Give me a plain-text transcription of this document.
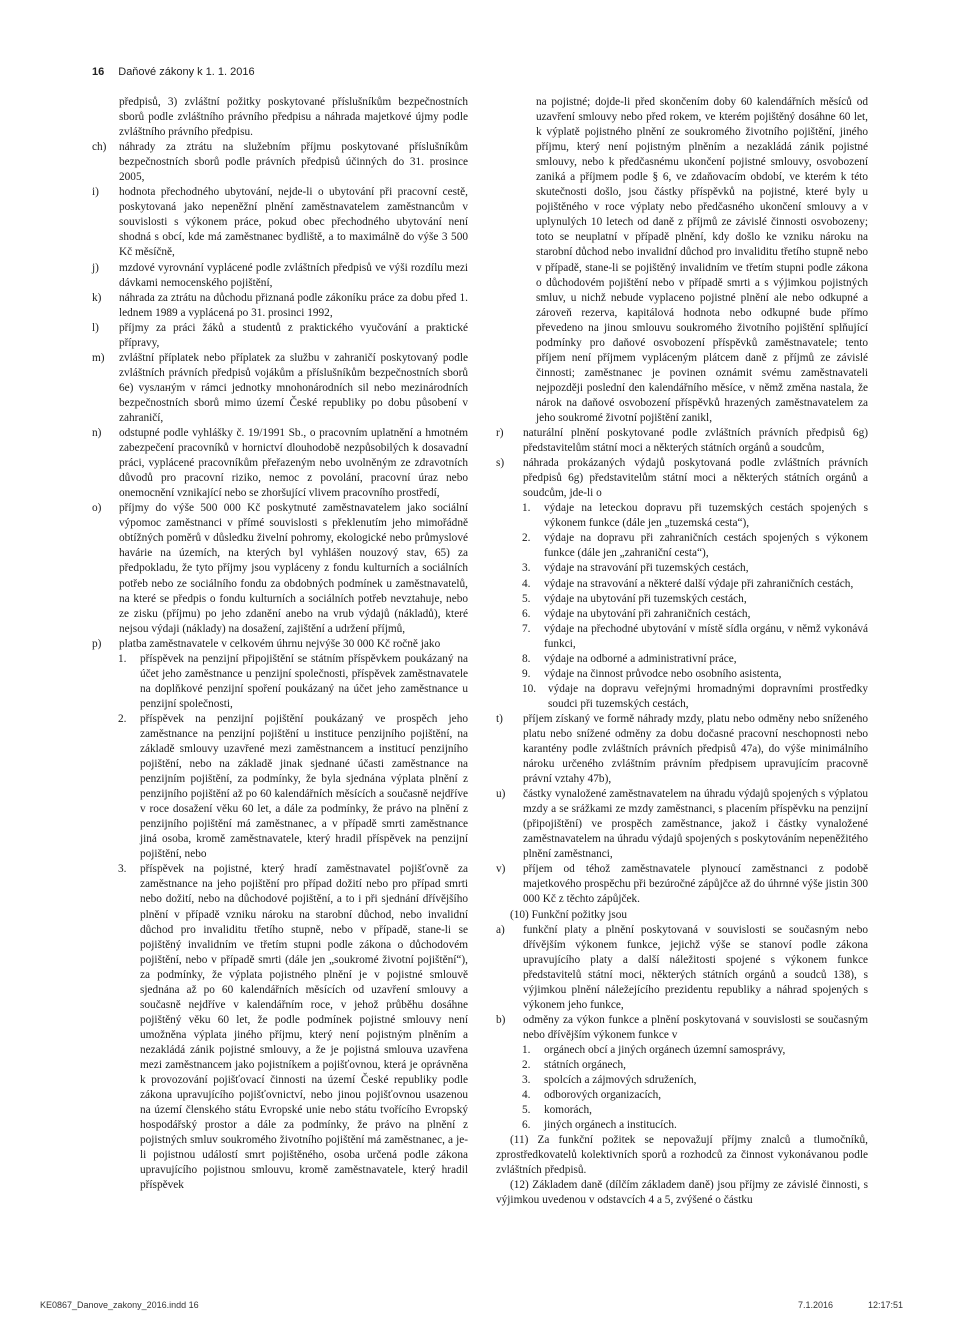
16 Daňové zákony k 1. 1. 2016

předpisů, 3) zvláštní požitky poskytované příslušníkům bezpečnostních sborů podle zvláštního právního předpisu a náhrada majetkové újmy podle zvláštního právního předpisu.

ch)	náhrady za ztrátu na služebním příjmu poskytované příslušníkům bezpečnostních sborů podle právních předpisů účinných do 31. prosince 2005,
i)	hodnota přechodného ubytování, nejde-li o ubytování při pracovní cestě, poskytovaná jako nepeněžní plnění zaměstnavatelem zaměstnancům v souvislosti s výkonem práce, pokud obec přechodného ubytování není shodná s obcí, kde má zaměstnanec bydliště, a to maximálně do výše 3 500 Kč měsíčně,
j)	mzdové vyrovnání vyplácené podle zvláštních předpisů ve výši rozdílu mezi dávkami nemocenského pojištění,
k)	náhrada za ztrátu na důchodu přiznaná podle zákoníku práce za dobu před 1. lednem 1989 a vyplácená po 31. prosinci 1992,
l)	příjmy za práci žáků a studentů z praktického vyučování a praktické přípravy,
m)	zvláštní příplatek nebo příplatek za službu v zahraničí poskytovaný podle zvláštních právních předpisů vojákům a příslušníkům bezpečnostních sborů 6e) vysланým v rámci jednotky mnohonárodních sil nebo mezinárodních bezpečnostních sborů mimo území České republiky po dobu působení v zahraničí,
n)	odstupné podle vyhlášky č. 19/1991 Sb., o pracovním uplatnění a hmotném zabezpečení pracovníků v hornictví dlouhodobě nezpůsobilých k dosavadní práci, vyplácené pracovníkům přeřazeným nebo uvolněným ze zdravotních důvodů pro pracovní riziko, nemoc z povolání, pracovní úraz nebo onemocnění vznikající nebo se zhoršující vlivem pracovního prostředí,
o)	příjmy do výše 500 000 Kč poskytnuté zaměstnavatelem jako sociální výpomoc zaměstnanci v přímé souvislosti s překlenutím jeho mimořádně obtížných poměrů v důsledku živelní pohromy, ekologické nebo průmyslové havárie na územích, na kterých byl vyhlášen nouzový stav, 65) za předpokladu, že tyto příjmy jsou vypláceny z fondu kulturních a sociálních potřeb nebo ze sociálního fondu za obdobných podmínek u zaměstnavatelů, na které se předpis o fondu kulturních a sociálních potřeb nevztahuje, nebo ze zisku (příjmu) po jeho zdanění anebo na vrub výdajů (nákladů), které nejsou výdaji (náklady) na dosažení, zajištění a udržení příjmů,
p)	platba zaměstnavatele v celkovém úhrnu nejvýše 30 000 Kč ročně jako
1.	příspěvek na penzijní připojištění se státním příspěvkem poukázaný na účet jeho zaměstnance u penzijní společnosti, příspěvek zaměstnavatele na doplňkové penzijní spoření poukázaný na účet jeho zaměstnance u penzijní společnosti,
2.	příspěvek na penzijní pojištění poukázaný ve prospěch jeho zaměstnance na penzijní pojištění u instituce penzijního pojištění, na základě smlouvy uzavřené mezi zaměstnancem a institucí penzijního pojištění, nebo na základě jinak sjednané účasti zaměstnance na penzijním pojištění, za podmínky, že byla sjednána výplata plnění z penzijního pojištění až po 60 kalendářních měsících a současně nejdříve v roce dosažení věku 60 let, a dále za podmínky, že právo na plnění z penzijního pojištění má zaměstnanec, a v případě smrti zaměstnance jiná osoba, kromě zaměstnavatele, který hradil příspěvek na penzijní pojištění, nebo
3.	příspěvek na pojistné, který hradí zaměstnavatel pojišťovně za zaměstnance na jeho pojištění pro případ dožití nebo pro případ smrti nebo dožití, nebo na důchodové pojištění, a to i při sjednání dřívějšího plnění v případě vzniku nároku na starobní důchod, nebo invalidní důchod pro invaliditu třetího stupně, nebo v případě, stane-li se pojištěný invalidním ve třetím stupni podle zákona o důchodovém pojištění, nebo v případě smrti (dále jen „soukromé životní pojištění“), za podmínky, že výplata pojistného plnění je v pojistné smlouvě sjednána až po 60 kalendářních měsících od uzavření smlouvy a současně nejdříve v kalendářním roce, v jehož průběhu dosáhne pojištěný věku 60 let, že podle podmínek pojistné smlouvy není umožněna výplata jiného příjmu, který není pojistným plněním a nezakládá zánik pojistné smlouvy, a že je pojistná smlouva uzavřena mezi zaměstnancem jako pojistníkem a pojišťovnou, která je oprávněna k provozování pojišťovací činnosti na území České republiky podle zákona upravujícího pojišťovnictví, nebo jinou pojišťovnou usazenou na území členského státu Evropské unie nebo státu tvořícího Evropský hospodářský prostor a dále za podmínky, že právo na plnění z pojistných smluv soukromého životního pojištění má zaměstnanec, a je-li pojistnou událostí smrt pojištěného, osoba určená podle zákona upravujícího pojistnou smlouvu, kromě zaměstnavatele, který hradil příspěvek

na pojistné; dojde-li před skončením doby 60 kalendářních měsíců od uzavření smlouvy nebo před rokem, ve kterém pojištěný dosáhne 60 let, k výplatě pojistného plnění ze soukromého životního pojištění, jiného příjmu, který není pojistným plněním a nezakládá zánik pojistné smlouvy, nebo k předčasnému ukončení pojistné smlouvy, osvobození zaniká a příjmem podle § 6, ve zdaňovacím období, ve kterém k této skutečnosti došlo, jsou částky příspěvků na pojistné, které byly u pojištěného v roce výplaty nebo předčasného ukončení smlouvy a v uplynulých 10 letech od daně z příjmů ze závislé činnosti osvobozeny; toto se neuplatní v případě plnění, kdy došlo ke vzniku nároku na starobní důchod nebo invalidní důchod pro invaliditu třetího stupně nebo v případě, stane-li se pojištěný invalidním ve třetím stupni podle zákona o důchodovém pojištění nebo v případě smrti a s výjimkou pojistných smluv, u nichž nebude vyplaceno pojistné plnění ale nebo odkupné a zároveň rezerva, kapitálová hodnota nebo odkupné bude přímo převedeno na jinou smlouvu soukromého životního pojištění splňující podmínky pro daňové osvobození příspěvků zaměstnavatele; tento příjem není příjmem vypláceným plátcem daně z příjmů ze závislé činnosti; zaměstnanec je povinen oznámit svému zaměstnavateli nejpozději poslední den kalendářního měsíce, v němž změna nastala, že nárok na daňové osvobození příspěvků hrazených zaměstnavatelem za jeho soukromé životní pojištění zanikl,

r)	naturální plnění poskytované podle zvláštních právních předpisů 6g) představitelům státní moci a některých státních orgánů a soudcům,
s)	náhrada prokázaných výdajů poskytovaná podle zvláštních právních předpisů 6g) představitelům státní moci a některých státních orgánů a soudcům, jde-li o
1.	výdaje na leteckou dopravu při tuzemských cestách spojených s výkonem funkce (dále jen „tuzemská cesta“),
2.	výdaje na dopravu při zahraničních cestách spojených s výkonem funkce (dále jen „zahraniční cesta“),
3.	výdaje na stravování při tuzemských cestách,
4.	výdaje na stravování a některé další výdaje při zahraničních cestách,
5.	výdaje na ubytování při tuzemských cestách,
6.	výdaje na ubytování při zahraničních cestách,
7.	výdaje na přechodné ubytování v místě sídla orgánu, v němž vykonává funkci,
8.	výdaje na odborné a administrativní práce,
9.	výdaje na činnost průvodce nebo osobního asistenta,
10.	výdaje na dopravu veřejnými hromadnými dopravními prostředky soudci při tuzemských cestách,
t)	příjem získaný ve formě náhrady mzdy, platu nebo odměny nebo sníženého platu nebo snížené odměny za dobu dočasné pracovní neschopnosti nebo karantény podle zvláštních právních předpisů 47a), do výše minimálního nároku určeného zvláštním právním předpisem upravujícím pracovně právní vztahy 47b),
u)	částky vynaložené zaměstnavatelem na úhradu výdajů spojených s výplatou mzdy a se srážkami ze mzdy zaměstnanci, s placením příspěvku na penzijní (připojištění) ve prospěch zaměstnance, jakož i částky vynaložené zaměstnavatelem na úhradu výdajů spojených s poskytováním nepeněžitého plnění zaměstnanci,
v)	příjem od téhož zaměstnavatele plynoucí zaměstnanci z podobě majetkového prospěchu při bezúročné zápůjčce až do úhrnné výše jistin 300 000 Kč z těchto zápůjček.

(10) Funkční požitky jsou

a)	funkční platy a plnění poskytovaná v souvislosti se současným nebo dřívějším výkonem funkce, jejichž výše se stanoví podle zákona upravujícího platy a další náležitosti spojené s výkonem funkce představitelů státní moci, některých státních orgánů a soudců 138), s výjimkou plnění náležejícího prezidentu republiky a náhrad spojených s výkonem jeho funkce,
b)	odměny za výkon funkce a plnění poskytovaná v souvislosti se současným nebo dřívějším výkonem funkce v
1.	orgánech obcí a jiných orgánech územní samosprávy,
2.	státních orgánech,
3.	spolcích a zájmových sdruženích,
4.	odborových organizacích,
5.	komorách,
6.	jiných orgánech a institucích.

(11) Za funkční požitek se nepovažují příjmy znalců a tlumočníků, zprostředkovatelů kolektivních sporů a rozhodců za činnost vykonávanou podle zvláštních předpisů.

(12) Základem daně (dílčím základem daně) jsou příjmy ze závislé činnosti, s výjimkou uvedenou v odstavcích 4 a 5, zvýšené o částku

KE0867_Danove_zakony_2016.indd 16	7.1.2016	12:17:51
